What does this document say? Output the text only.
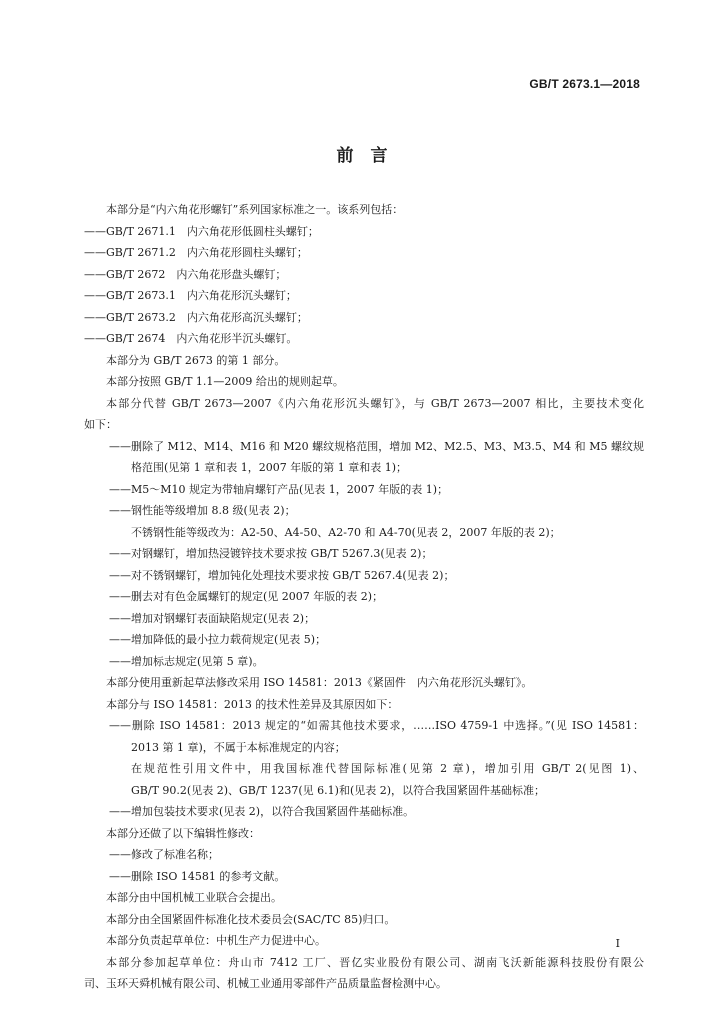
GB/T 2673.1—2018
前　言
本部分是“内六角花形螺钉”系列国家标准之一。该系列包括：
——GB/T 2671.1　内六角花形低圆柱头螺钉；
——GB/T 2671.2　内六角花形圆柱头螺钉；
——GB/T 2672　内六角花形盘头螺钉；
——GB/T 2673.1　内六角花形沉头螺钉；
——GB/T 2673.2　内六角花形高沉头螺钉；
——GB/T 2674　内六角花形半沉头螺钉。
本部分为 GB/T 2673 的第 1 部分。
本部分按照 GB/T 1.1—2009 给出的规则起草。
本部分代替 GB/T 2673—2007《内六角花形沉头螺钉》，与 GB/T 2673—2007 相比，主要技术变化
如下：
——删除了 M12、M14、M16 和 M20 螺纹规格范围，增加 M2、M2.5、M3、M3.5、M4 和 M5 螺纹规
格范围(见第 1 章和表 1，2007 年版的第 1 章和表 1)；
——M5～M10 规定为带轴肩螺钉产品(见表 1，2007 年版的表 1)；
——钢性能等级增加 8.8 级(见表 2)；
不锈钢性能等级改为：A2-50、A4-50、A2-70 和 A4-70(见表 2，2007 年版的表 2)；
——对钢螺钉，增加热浸镀锌技术要求按 GB/T 5267.3(见表 2)；
——对不锈钢螺钉，增加钝化处理技术要求按 GB/T 5267.4(见表 2)；
——删去对有色金属螺钉的规定(见 2007 年版的表 2)；
——增加对钢螺钉表面缺陷规定(见表 2)；
——增加降低的最小拉力载荷规定(见表 5)；
——增加标志规定(见第 5 章)。
本部分使用重新起草法修改采用 ISO 14581：2013《紧固件　内六角花形沉头螺钉》。
本部分与 ISO 14581：2013 的技术性差异及其原因如下：
——删除 ISO 14581：2013 规定的“如需其他技术要求，……ISO 4759-1 中选择。”(见 ISO 14581：
2013 第 1 章)，不属于本标准规定的内容；
在规范性引用文件中，用我国标准代替国际标准(见第 2 章)，增加引用 GB/T 2(见图 1)、
GB/T 90.2(见表 2)、GB/T 1237(见 6.1)和(见表 2)，以符合我国紧固件基础标准；
——增加包装技术要求(见表 2)，以符合我国紧固件基础标准。
本部分还做了以下编辑性修改：
——修改了标准名称；
——删除 ISO 14581 的参考文献。
本部分由中国机械工业联合会提出。
本部分由全国紧固件标准化技术委员会(SAC/TC 85)归口。
本部分负责起草单位：中机生产力促进中心。
本部分参加起草单位：舟山市 7412 工厂、晋亿实业股份有限公司、湖南飞沃新能源科技股份有限公
司、玉环天舜机械有限公司、机械工业通用零部件产品质量监督检测中心。
I
